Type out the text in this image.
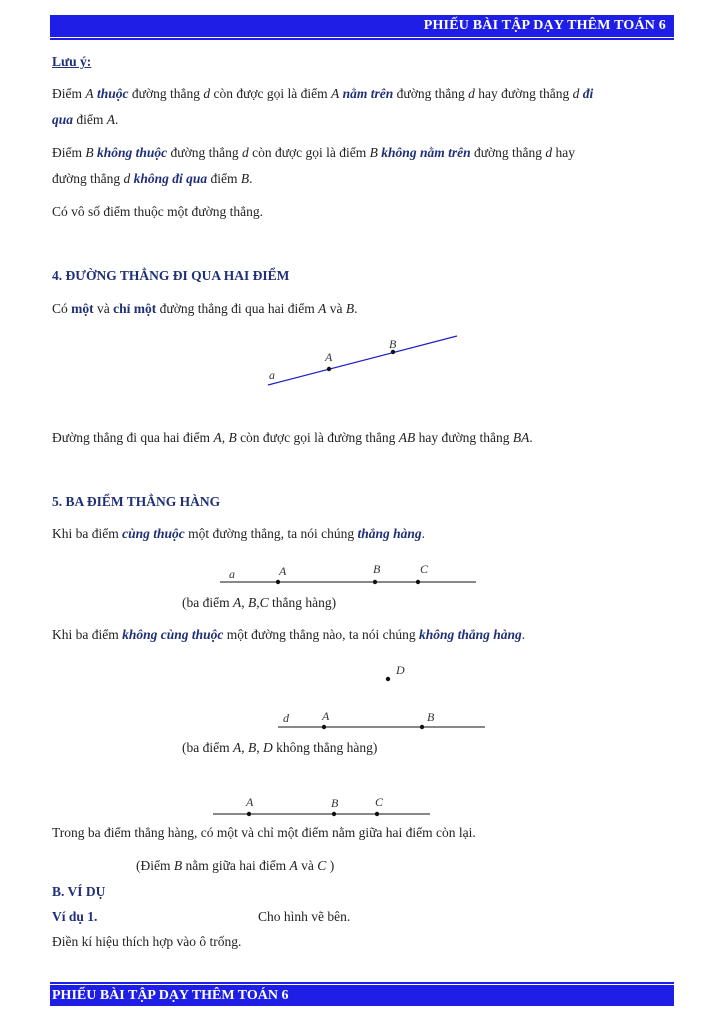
PHIẾU BÀI TẬP DẠY THÊM TOÁN 6
Lưu ý:
Điểm A thuộc đường thẳng d còn được gọi là điểm A nằm trên đường thẳng d hay đường thẳng d đi
qua điểm A.
Điểm B không thuộc đường thẳng d còn được gọi là điểm B không nằm trên đường thẳng d hay
đường thẳng d không đi qua điểm B.
Có vô số điểm thuộc một đường thẳng.
4. ĐƯỜNG THẲNG ĐI QUA HAI ĐIỂM
Có một và chỉ một đường thẳng đi qua hai điểm A và B.
Đường thẳng đi qua hai điểm A, B còn được gọi là đường thẳng AB hay đường thẳng BA.
5. BA ĐIỂM THẲNG HÀNG
Khi ba điểm cùng thuộc một đường thẳng, ta nói chúng thẳng hàng.
(ba điểm A, B,C thẳng hàng)
Khi ba điểm không cùng thuộc một đường thẳng nào, ta nói chúng không thẳng hàng.
(ba điểm A, B, D không thẳng hàng)
Trong ba điểm thẳng hàng, có một và chỉ một điểm nằm giữa hai điểm còn lại.
(Điểm B nằm giữa hai điểm A và C )
B. VÍ DỤ
Ví dụ 1.	Cho hình vẽ bên.
Điền kí hiệu thích hợp vào ô trống.
a
A
B
a	A	B	C
d	A	B
D
A	B	C
PHIẾU BÀI TẬP DẠY THÊM TOÁN 6
